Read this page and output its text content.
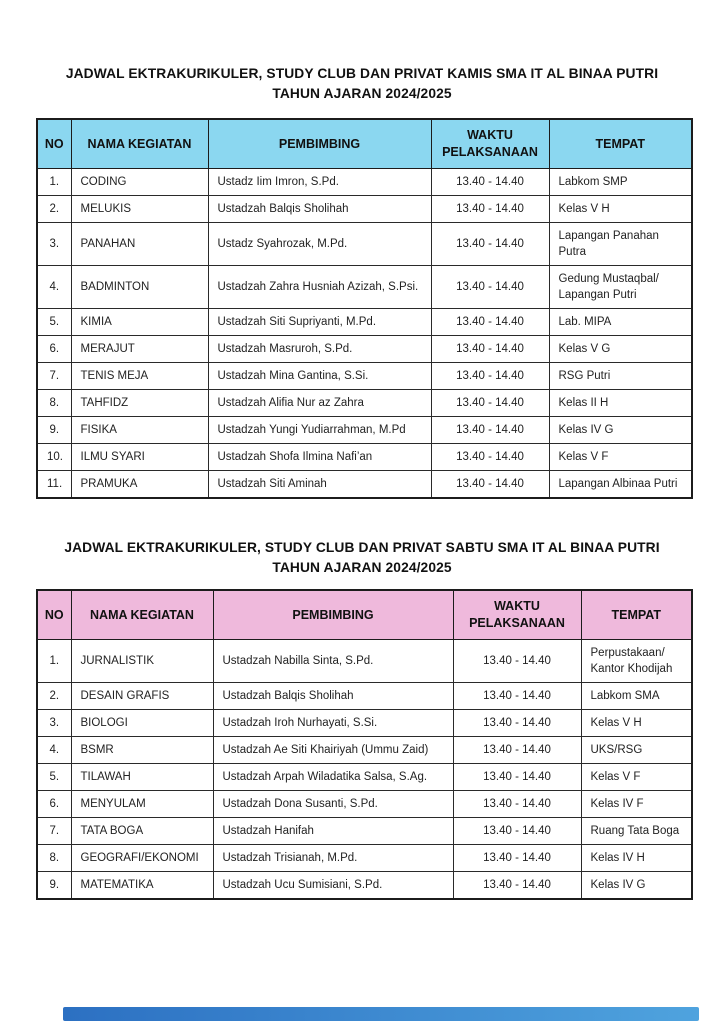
JADWAL EKTRAKURIKULER, STUDY CLUB DAN PRIVAT KAMIS SMA IT AL BINAA PUTRI
TAHUN AJARAN 2024/2025
NO	NAMA KEGIATAN	PEMBIMBING	WAKTU PELAKSANAAN	TEMPAT
1.	CODING	Ustadz Iim Imron, S.Pd.	13.40 - 14.40	Labkom SMP
2.	MELUKIS	Ustadzah Balqis Sholihah	13.40 - 14.40	Kelas V H
3.	PANAHAN	Ustadz Syahrozak, M.Pd.	13.40 - 14.40	Lapangan Panahan Putra
4.	BADMINTON	Ustadzah Zahra Husniah Azizah, S.Psi.	13.40 - 14.40	Gedung Mustaqbal/ Lapangan Putri
5.	KIMIA	Ustadzah Siti Supriyanti, M.Pd.	13.40 - 14.40	Lab. MIPA
6.	MERAJUT	Ustadzah Masruroh, S.Pd.	13.40 - 14.40	Kelas V G
7.	TENIS MEJA	Ustadzah Mina Gantina, S.Si.	13.40 - 14.40	RSG Putri
8.	TAHFIDZ	Ustadzah Alifia Nur az Zahra	13.40 - 14.40	Kelas II H
9.	FISIKA	Ustadzah Yungi Yudiarrahman, M.Pd	13.40 - 14.40	Kelas IV G
10.	ILMU SYARI	Ustadzah Shofa Ilmina Nafi’an	13.40 - 14.40	Kelas V F
11.	PRAMUKA	Ustadzah Siti Aminah	13.40 - 14.40	Lapangan Albinaa Putri
JADWAL EKTRAKURIKULER, STUDY CLUB DAN PRIVAT SABTU SMA IT AL BINAA PUTRI
TAHUN AJARAN 2024/2025
NO	NAMA KEGIATAN	PEMBIMBING	WAKTU PELAKSANAAN	TEMPAT
1.	JURNALISTIK	Ustadzah Nabilla Sinta, S.Pd.	13.40 - 14.40	Perpustakaan/ Kantor Khodijah
2.	DESAIN GRAFIS	Ustadzah Balqis Sholihah	13.40 - 14.40	Labkom SMA
3.	BIOLOGI	Ustadzah Iroh Nurhayati, S.Si.	13.40 - 14.40	Kelas V H
4.	BSMR	Ustadzah Ae Siti Khairiyah (Ummu Zaid)	13.40 - 14.40	UKS/RSG
5.	TILAWAH	Ustadzah Arpah Wiladatika Salsa, S.Ag.	13.40 - 14.40	Kelas V F
6.	MENYULAM	Ustadzah Dona Susanti, S.Pd.	13.40 - 14.40	Kelas IV F
7.	TATA BOGA	Ustadzah Hanifah	13.40 - 14.40	Ruang Tata Boga
8.	GEOGRAFI/EKONOMI	Ustadzah Trisianah, M.Pd.	13.40 - 14.40	Kelas IV H
9.	MATEMATIKA	Ustadzah Ucu Sumisiani, S.Pd.	13.40 - 14.40	Kelas IV G
